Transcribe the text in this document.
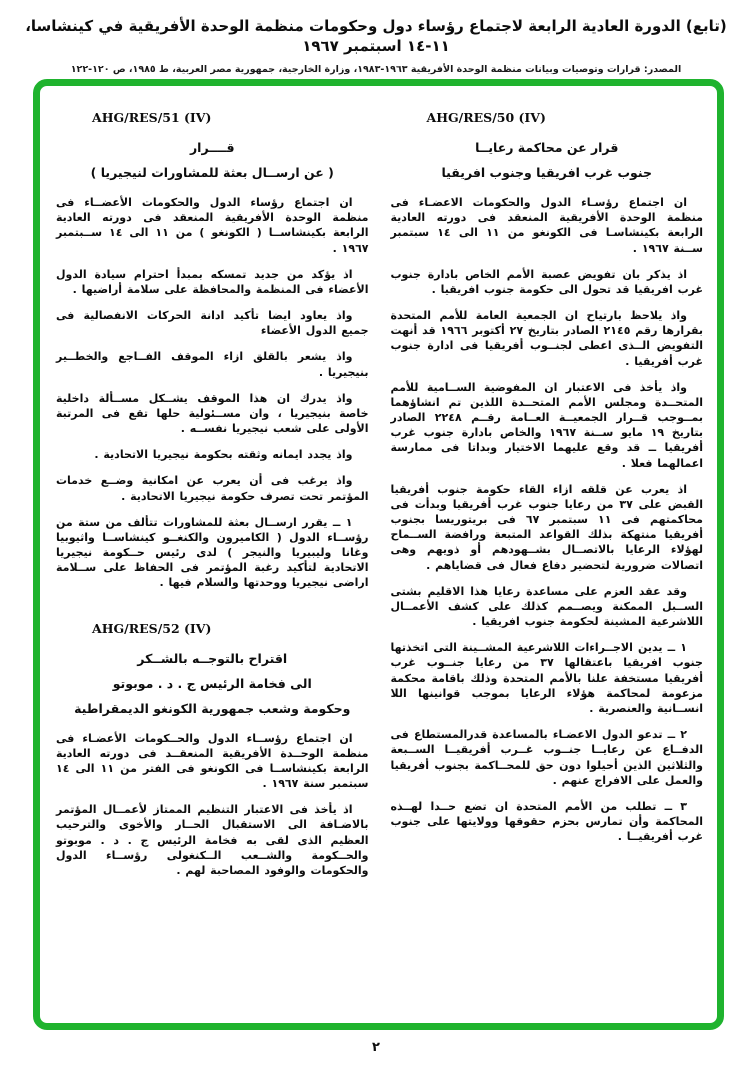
(تابع) الدورة العادية الرابعة لاجتماع رؤساء دول وحكومات منظمة الوحدة الأفريقية في كينشاسا، ١١-١٤ اسبتمبر ١٩٦٧
المصدر: قرارات وتوصيات وبيانات منظمة الوحدة الأفريقية ١٩٦٣-١٩٨٣، وزارة الخارجية، جمهورية مصر العربية، ط ١٩٨٥، ص ١٢٠-١٢٢
AHG/RES/50 (IV)
قرار عن محاكمة رعايــا
جنوب غرب افريقيا وجنوب افريقيا

ان اجتماع رؤسـاء الدول والحكومات الاعضـاء فى منظمة الوحدة الأفريقية المنعقد فى دورته العادية الرابعة بكينشاسـا فى الكونغو من ١١ الى ١٤ سبتمبر ســنة ١٩٦٧ .

اذ يذكر بان تفويض عصبة الأمم الخاص بادارة جنوب غرب افريقيا قد تحول الى حكومة جنوب افريقيا .

واذ يلاحظ بارتياح ان الجمعية العامة للأمم المتحدة بقرارها رقم ٢١٤٥ الصادر بتاريخ ٢٧ أكتوبر ١٩٦٦ قد أنهت التفويض الــذى اعطى لجنــوب أفريقيا فى ادارة جنوب غرب أفريقيا .

واذ يأخذ فى الاعتبار ان المفوضية الســامية للأمم المتحــدة ومجلس الأمم المتحــدة اللذين تم انشاؤهما بمــوجب قــرار الجمعيــة العــامة رقــم ٢٢٤٨ الصادر بتاريخ ١٩ مايو ســنة ١٩٦٧ والخاص بادارة جنوب غرب أفريقيا ــ قد وقع عليهما الاختيار وبداتا فى ممارسة اعمالهما فعلا .

اذ يعرب عن قلقه ازاء القاء حكومة جنوب أفريقيا القبض على ٣٧ من رعايا جنوب غرب أفريقيا وبدأت فى محاكمتهم فى ١١ سبتمبر ٦٧ فى بريتوريسا بجنوب أفريقيا منتهكة بذلك القواعد المتبعة ورافضة الســماح لهؤلاء الرعايا بالاتصــال بشــهودهم أو ذويهم وهى اتصالات ضرورية لتحضير دفاع فعال فى قضاياهم .

وقد عقد العزم على مساعدة رعايا هذا الاقليم بشتى الســبل الممكنة ويصــمم كذلك على كشف الأعمــال اللاشرعية المشينة لحكومة جنوب افريقيا .

١ ــ يدين الاجــراءات اللاشرعية المشــينة التى اتخذتها جنوب افريقيا باعتقالها ٣٧ من رعايا جنــوب غرب أفريقيا مستخفة علنا بالأمم المتحدة وذلك باقامة محكمة مزعومة لمحاكمة هؤلاء الرعايا بموجب قوانينها اللا انســانية والعنصرية .

٢ ــ تدعو الدول الاعضـاء بالمساعدة قدرالمستطاع فى الدفــاع عن رعايــا جنــوب غــرب أفريقيــا الســبعة والثلاثين الذين أحيلوا دون حق للمحــاكمة بجنوب أفريقيا والعمل على الافراج عنهم .

٣ ــ تطلب من الأمم المتحدة ان تضع حــدا لهــذه المحاكمة وأن تمارس بحزم حقوقها وولايتها على جنوب غرب أفريقيــا .

AHG/RES/51 (IV)
قــــرار
( عن ارســال بعثة للمشاورات لنيجيريا )

ان اجتماع رؤساء الدول والحكومات الأعضــاء فى منظمة الوحدة الأفريقية المنعقد فى دورته العادية الرابعة بكينشاســا ( الكونغو ) من ١١ الى ١٤ ســبتمبر ١٩٦٧ .

اذ يؤكد من جديد تمسكه بمبدأ احترام سيادة الدول الأعضاء فى المنظمة والمحافظة على سلامة أراضيها .

واذ يعاود ايضا تأكيد ادانة الحركات الانفصالية فى جميع الدول الأعضاء

واذ يشعر بالقلق ازاء الموقف الفــاجع والخطــير بنيجيريا .

واذ يدرك ان هذا الموقف يشــكل مســألة داخلية خاصة بنيجيريا ، وان مســئولية حلها تقع فى المرتبة الأولى على شعب نيجيريا نفســه .

واذ يجدد ايمانه وثقته بحكومة نيجيريا الاتحادية .

واذ يرغب فى أن يعرب عن امكانية وضــع خدمات المؤتمر تحت تصرف حكومة نيجيريا الاتحادية .

١ ــ يقرر ارســال بعثة للمشاورات تتألف من ستة من رؤســاء الدول ( الكاميرون والكنغــو كينشاســا واثيوبيا وغانا وليبيريا والنيجر ) لدى رئيس حــكومة نيجيريا الاتحادية لتأكيد رغبة المؤتمر فى الحفاظ على ســلامة اراضى نيجيريا ووحدتها والسلام فيها .

AHG/RES/52 (IV)
اقتراح بالتوجــه بالشــكر
الى فخامة الرئيس ج . د . موبوتو
وحكومة وشعب جمهورية الكونغو الديمقراطية

ان اجتماع رؤســاء الدول والحــكومات الأعضـاء فى منظمة الوحــدة الأفريقية المنعقــد فى دورته العادية الرابعة بكينشاســا فى الكونغو فى الفتر من ١١ الى ١٤ سبتمبر سنة ١٩٦٧ .

اذ يأخذ فى الاعتبار التنظيم الممتاز لأعمــال المؤتمر بالاضـافة الى الاستقبال الحــار والأخوى والترحيب العظيم الذى لقى به فخامة الرئيس ج . د . موبوتو والحــكومة والشــعب الــكنغولى رؤســاء الدول والحكومات والوفود المصاحبة لهم .

٢
